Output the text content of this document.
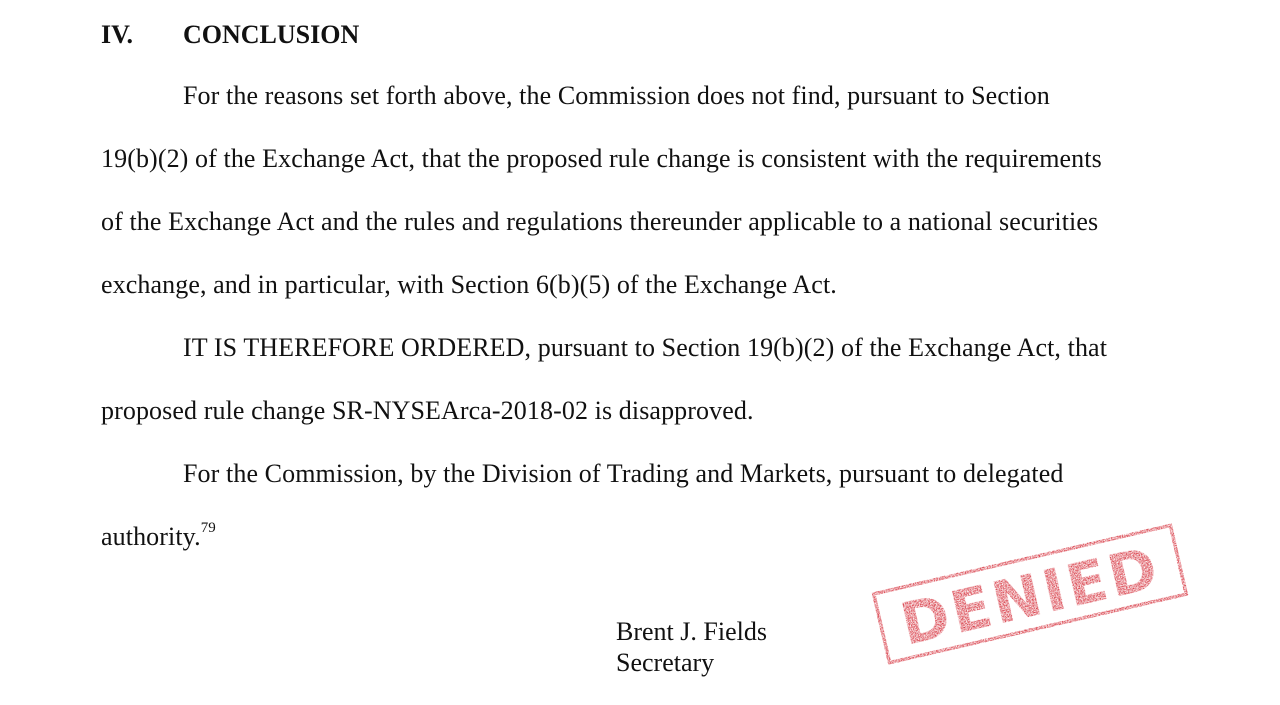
IV. CONCLUSION
For the reasons set forth above, the Commission does not find, pursuant to Section
19(b)(2) of the Exchange Act, that the proposed rule change is consistent with the requirements
of the Exchange Act and the rules and regulations thereunder applicable to a national securities
exchange, and in particular, with Section 6(b)(5) of the Exchange Act.
IT IS THEREFORE ORDERED, pursuant to Section 19(b)(2) of the Exchange Act, that
proposed rule change SR-NYSEArca-2018-02 is disapproved.
For the Commission, by the Division of Trading and Markets, pursuant to delegated
authority.$^{79}$
Brent J. Fields
Secretary
DENIED
